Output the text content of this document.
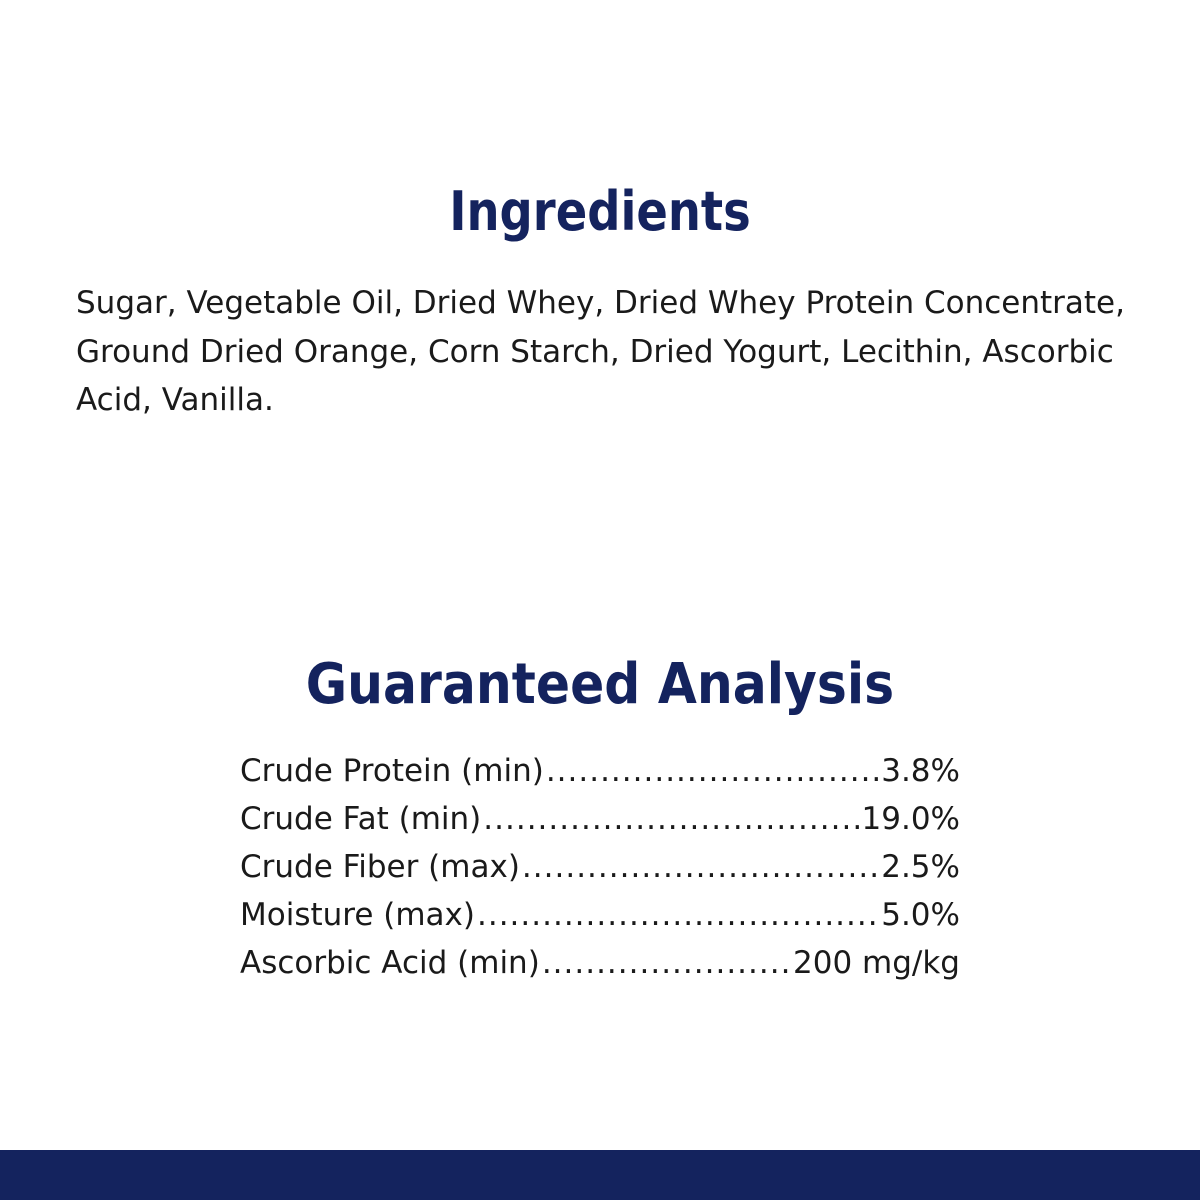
Ingredients
Sugar, Vegetable Oil, Dried Whey, Dried Whey Protein Concentrate, Ground Dried Orange, Corn Starch, Dried Yogurt, Lecithin, Ascorbic Acid, Vanilla.
Guaranteed Analysis
Crude Protein (min) .....	3.8%
Crude Fat (min) .....	19.0%
Crude Fiber (max) .....	2.5%
Moisture (max) .....	5.0%
Ascorbic Acid (min) .....	200 mg/kg
